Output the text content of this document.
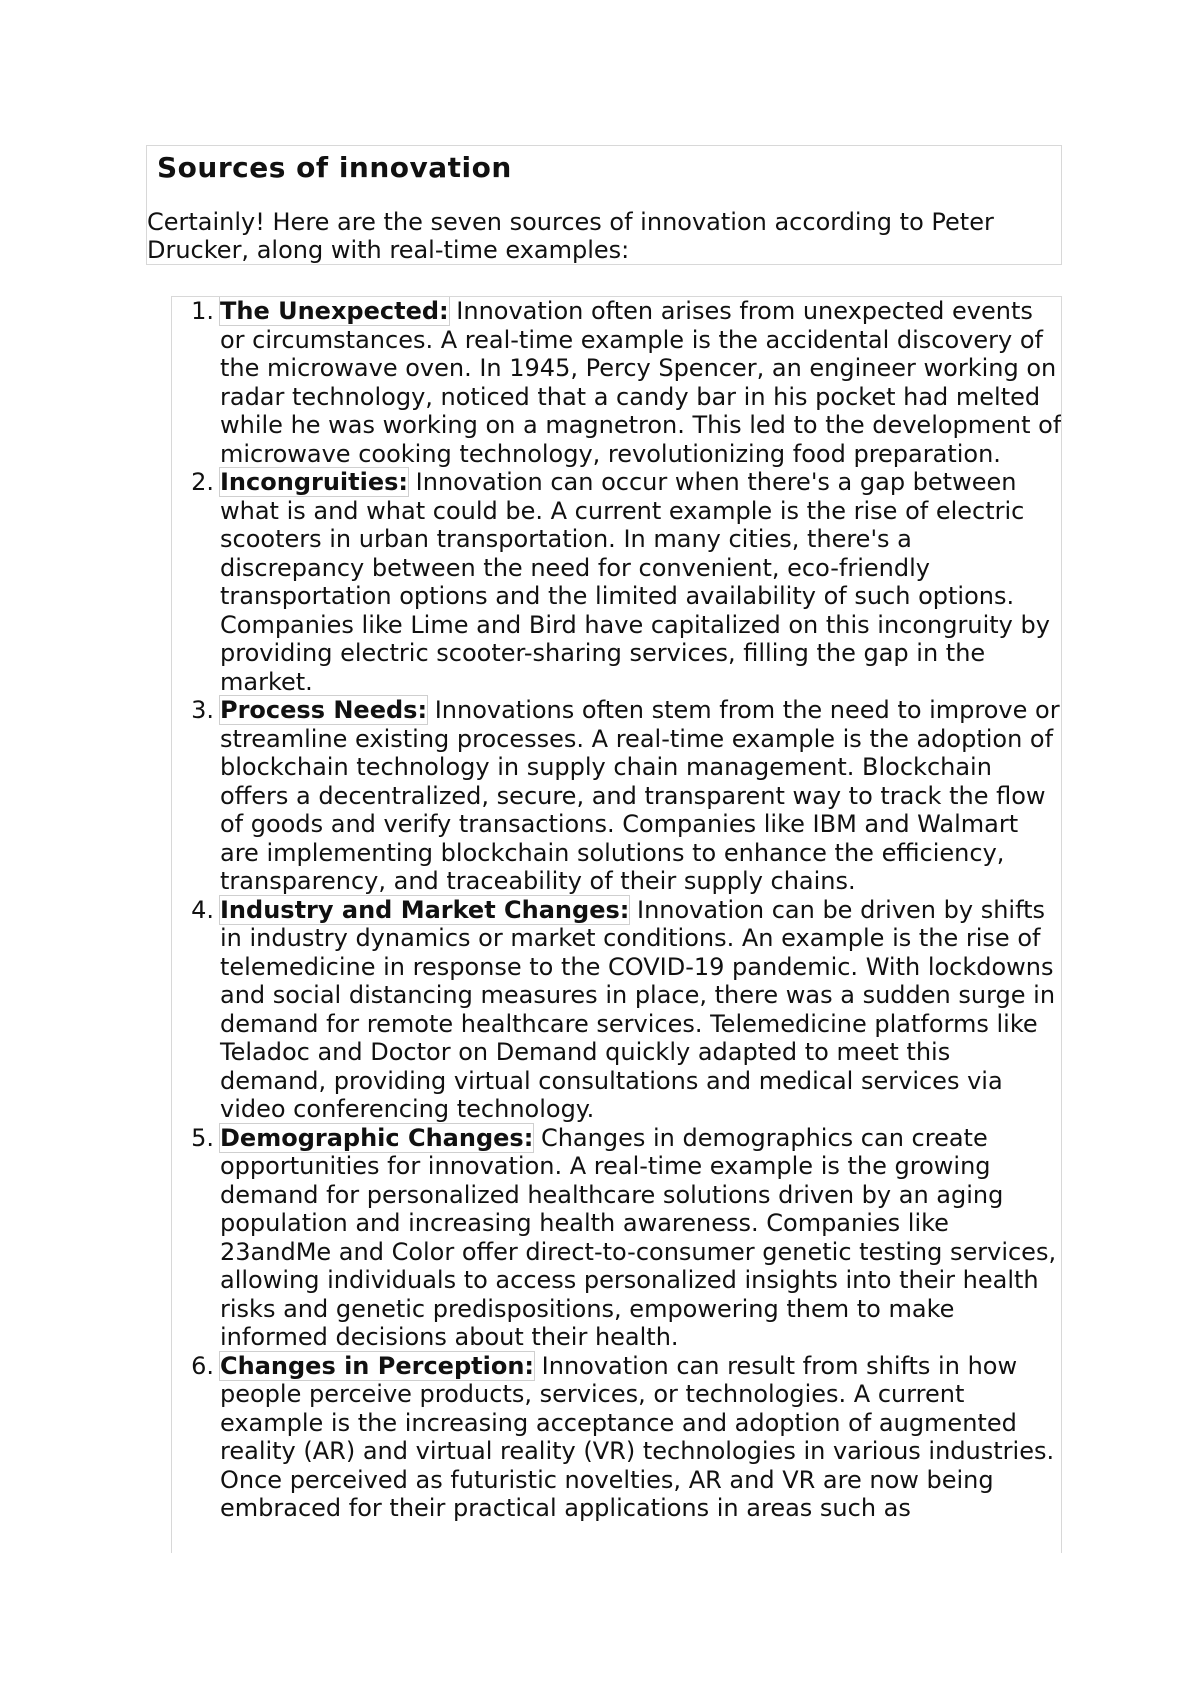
Sources of innovation

Certainly! Here are the seven sources of innovation according to Peter Drucker, along with real-time examples:

1. The Unexpected: Innovation often arises from unexpected events or circumstances. A real-time example is the accidental discovery of the microwave oven. In 1945, Percy Spencer, an engineer working on radar technology, noticed that a candy bar in his pocket had melted while he was working on a magnetron. This led to the development of microwave cooking technology, revolutionizing food preparation.
2. Incongruities: Innovation can occur when there's a gap between what is and what could be. A current example is the rise of electric scooters in urban transportation. In many cities, there's a discrepancy between the need for convenient, eco-friendly transportation options and the limited availability of such options. Companies like Lime and Bird have capitalized on this incongruity by providing electric scooter-sharing services, filling the gap in the market.
3. Process Needs: Innovations often stem from the need to improve or streamline existing processes. A real-time example is the adoption of blockchain technology in supply chain management. Blockchain offers a decentralized, secure, and transparent way to track the flow of goods and verify transactions. Companies like IBM and Walmart are implementing blockchain solutions to enhance the efficiency, transparency, and traceability of their supply chains.
4. Industry and Market Changes: Innovation can be driven by shifts in industry dynamics or market conditions. An example is the rise of telemedicine in response to the COVID-19 pandemic. With lockdowns and social distancing measures in place, there was a sudden surge in demand for remote healthcare services. Telemedicine platforms like Teladoc and Doctor on Demand quickly adapted to meet this demand, providing virtual consultations and medical services via video conferencing technology.
5. Demographic Changes: Changes in demographics can create opportunities for innovation. A real-time example is the growing demand for personalized healthcare solutions driven by an aging population and increasing health awareness. Companies like 23andMe and Color offer direct-to-consumer genetic testing services, allowing individuals to access personalized insights into their health risks and genetic predispositions, empowering them to make informed decisions about their health.
6. Changes in Perception: Innovation can result from shifts in how people perceive products, services, or technologies. A current example is the increasing acceptance and adoption of augmented reality (AR) and virtual reality (VR) technologies in various industries. Once perceived as futuristic novelties, AR and VR are now being embraced for their practical applications in areas such as
